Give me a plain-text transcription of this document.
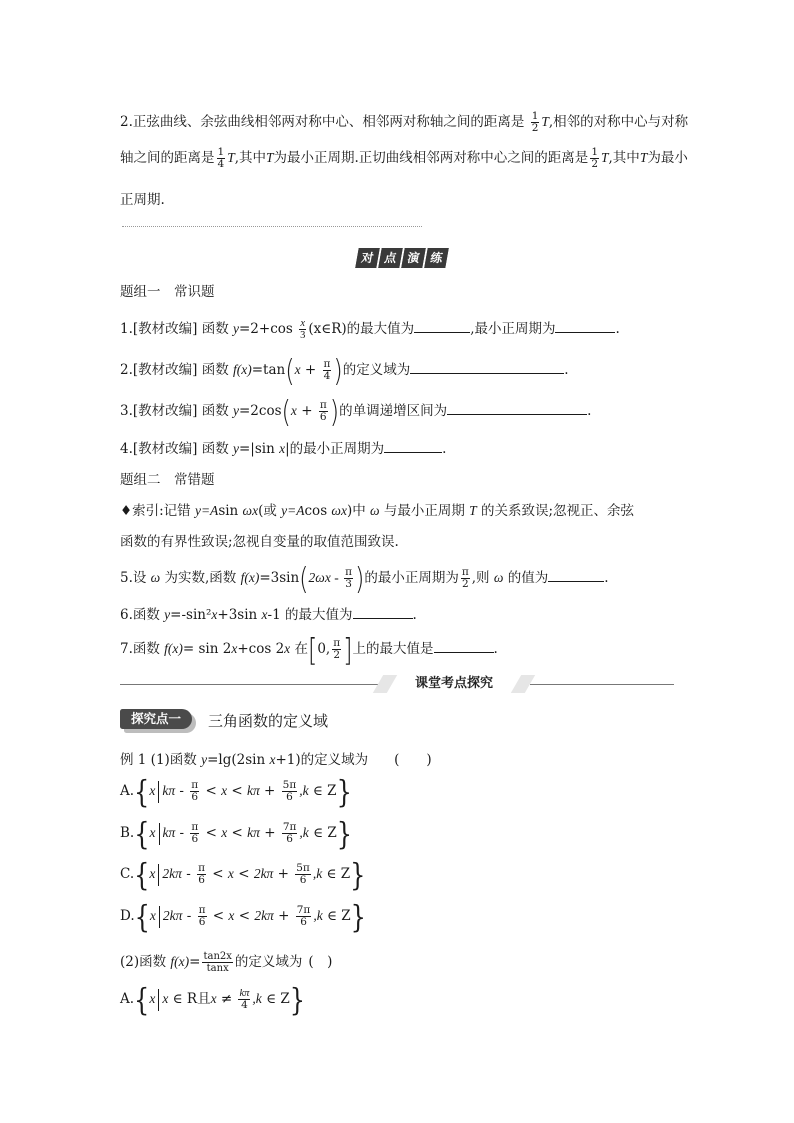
2.正弦曲线、余弦曲线相邻两对称中心、相邻两对称轴之间的距离是 $\frac{1}{2} T$,相邻的对称中心与对称
轴之间的距离是 $\frac{1}{4} T$,其中T为最小正周期.正切曲线相邻两对称中心之间的距离是 $\frac{1}{2} T$,其中T为最小
正周期.
对 点 演 练
题组一　常识题
1.[教材改编] 函数 $y=2+\cos \frac{x}{3}$ (x∈R)的最大值为	,最小正周期为	.
2.[教材改编] 函数 $f(x)=\tan(x + \frac{\pi}{4}$ )的定义域为	.
3.[教材改编] 函数 $y=2\cos(x + \frac{\pi}{6}$ )的单调递增区间为	.
4.[教材改编] 函数 y=|sin x|的最小正周期为	.
题组二　常错题
♦索引:记错 y=Asin ωx(或 y=Acos ωx)中 ω 与最小正周期 T 的关系致误;忽视正、余弦
函数的有界性致误;忽视自变量的取值范围致误.
5.设 ω 为实数,函数 $f(x)=3\sin(2\omega x - \frac{\pi}{3}$ )的最小正周期为 $\frac{\pi}{2}$ ,则 ω 的值为	.
6.函数 y=-sin²x+3sin x-1 的最大值为	.
7.函数 f(x)= sin 2x+cos 2x 在[0, $\frac{\pi}{2}$ ]上的最大值是	.
课堂考点探究
探究点一	三角函数的定义域
例 1 (1)函数 y=lg(2sin x+1)的定义域为 (　　)
A.{x $k\pi - \frac{\pi}{6} < x < k\pi + \frac{5\pi}{6} ,k$ ∈ Z}
B.{x $k\pi - \frac{\pi}{6} < x < k\pi + \frac{7\pi}{6} ,k$ ∈ Z}
C.{x $2k\pi - \frac{\pi}{6} < x < 2k\pi + \frac{5\pi}{6} ,k$ ∈ Z}
D.{x $2k\pi - \frac{\pi}{6} < x < 2k\pi + \frac{7\pi}{6} ,k$ ∈ Z}
(2)函数 $f(x)= \frac{\tan 2x}{\tan x}$ 的定义域为 (　)
A.{x x ∈ R且$x \ne \frac{k\pi}{4} ,k$ ∈ Z}
